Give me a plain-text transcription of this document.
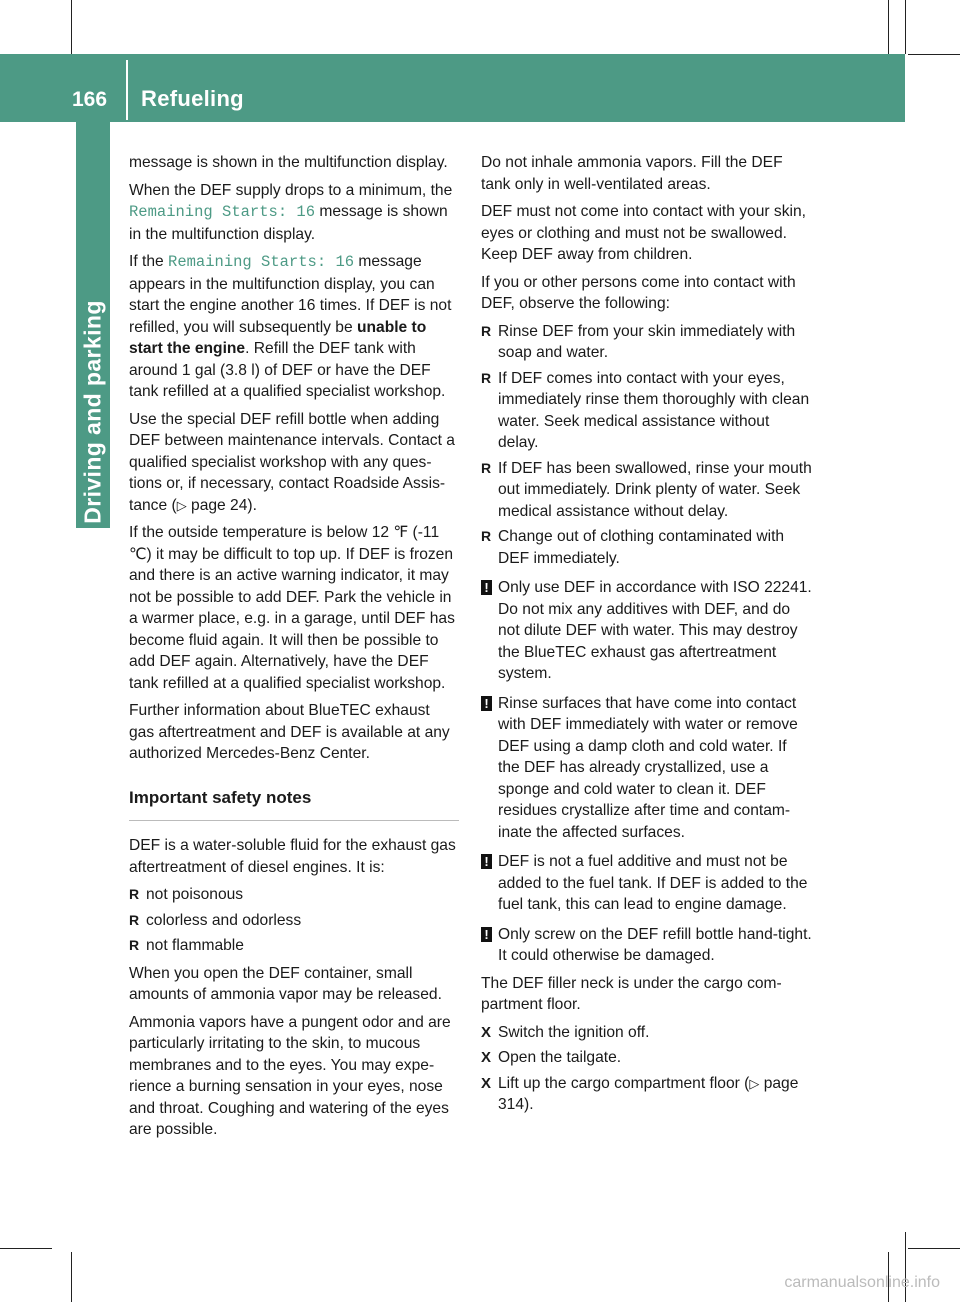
166 Refueling
Driving and parking

message is shown in the multifunction display.

When the DEF supply drops to a minimum, the
Remaining Starts: 16 message is shown in the multifunction display.

If the Remaining Starts: 16 message appears in the multifunction display, you can start the engine another 16 times. If DEF is not refilled, you will subsequently be unable to start the engine. Refill the DEF tank with around 1 gal (3.8 l) of DEF or have the DEF tank refilled at a qualified specialist workshop.

Use the special DEF refill bottle when adding DEF between maintenance intervals. Contact a qualified specialist workshop with any questions or, if necessary, contact Roadside Assistance (▷ page 24).

If the outside temperature is below 12 ℉ (‑11 ℃) it may be difficult to top up. If DEF is frozen and there is an active warning indicator, it may not be possible to add DEF. Park the vehicle in a warmer place, e.g. in a garage, until DEF has become fluid again. It will then be possible to add DEF again. Alternatively, have the DEF tank refilled at a qualified specialist workshop.

Further information about BlueTEC exhaust gas aftertreatment and DEF is available at any authorized Mercedes-Benz Center.

Important safety notes

DEF is a water-soluble fluid for the exhaust gas aftertreatment of diesel engines. It is:

R not poisonous
R colorless and odorless
R not flammable

When you open the DEF container, small amounts of ammonia vapor may be released.

Ammonia vapors have a pungent odor and are particularly irritating to the skin, to mucous membranes and to the eyes. You may experience a burning sensation in your eyes, nose and throat. Coughing and watering of the eyes are possible.

Do not inhale ammonia vapors. Fill the DEF tank only in well-ventilated areas.

DEF must not come into contact with your skin, eyes or clothing and must not be swallowed. Keep DEF away from children.

If you or other persons come into contact with DEF, observe the following:

R Rinse DEF from your skin immediately with soap and water.
R If DEF comes into contact with your eyes, immediately rinse them thoroughly with clean water. Seek medical assistance without delay.
R If DEF has been swallowed, rinse your mouth out immediately. Drink plenty of water. Seek medical assistance without delay.
R Change out of clothing contaminated with DEF immediately.
! Only use DEF in accordance with ISO 22241. Do not mix any additives with DEF, and do not dilute DEF with water. This may destroy the BlueTEC exhaust gas aftertreatment system.
! Rinse surfaces that have come into contact with DEF immediately with water or remove DEF using a damp cloth and cold water. If the DEF has already crystallized, use a sponge and cold water to clean it. DEF residues crystallize after time and contaminate the affected surfaces.
! DEF is not a fuel additive and must not be added to the fuel tank. If DEF is added to the fuel tank, this can lead to engine damage.
! Only screw on the DEF refill bottle hand-tight. It could otherwise be damaged.

The DEF filler neck is under the cargo compartment floor.

X Switch the ignition off.
X Open the tailgate.
X Lift up the cargo compartment floor (▷ page 314).
carmanualsonline.info
